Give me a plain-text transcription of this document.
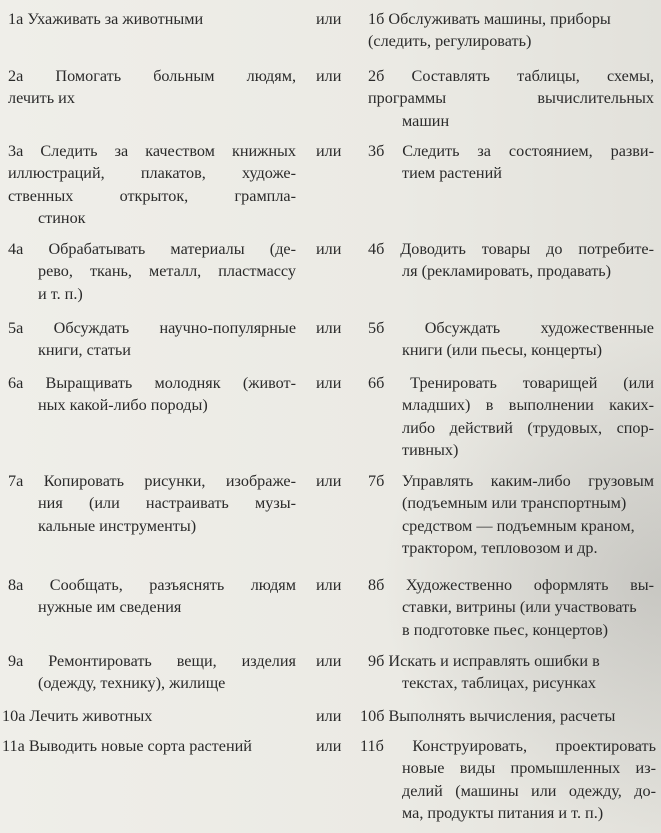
1а Ухаживать за животными	или	1б Обслуживать машины, приборы
(следить, регулировать)
2а Помогать больным людям,
лечить их
или	2б Составлять таблицы, схемы,
программы вычислительных
машин
3а Следить за качеством книжных
иллюстраций, плакатов, художе-
ственных открыток, грампла-
стинок
или	3б Следить за состоянием, разви-
тием растений
4а Обрабатывать материалы (де-
рево, ткань, металл, пластмассу
и т. п.)
или	4б Доводить товары до потребите-
ля (рекламировать, продавать)
5а Обсуждать научно-популярные
книги, статьи
или	5б Обсуждать художественные
книги (или пьесы, концерты)
6а Выращивать молодняк (живот-
ных какой-либо породы)
или	6б Тренировать товарищей (или
младших) в выполнении каких-
либо действий (трудовых, спор-
тивных)
7а Копировать рисунки, изображе-
ния (или настраивать музы-
кальные инструменты)
или	7б Управлять каким-либо грузовым
(подъемным или транспортным)
средством — подъемным краном,
трактором, тепловозом и др.
8а Сообщать, разъяснять людям
нужные им сведения
или	8б Художественно оформлять вы-
ставки, витрины (или участвовать
в подготовке пьес, концертов)
9а Ремонтировать вещи, изделия
(одежду, технику), жилище
или	9б Искать и исправлять ошибки в
текстах, таблицах, рисунках
10а Лечить животных	или	10б Выполнять вычисления, расчеты
11а Выводить новые сорта растений	или	11б Конструировать, проектировать
новые виды промышленных из-
делий (машины или одежду, до-
ма, продукты питания и т. п.)
